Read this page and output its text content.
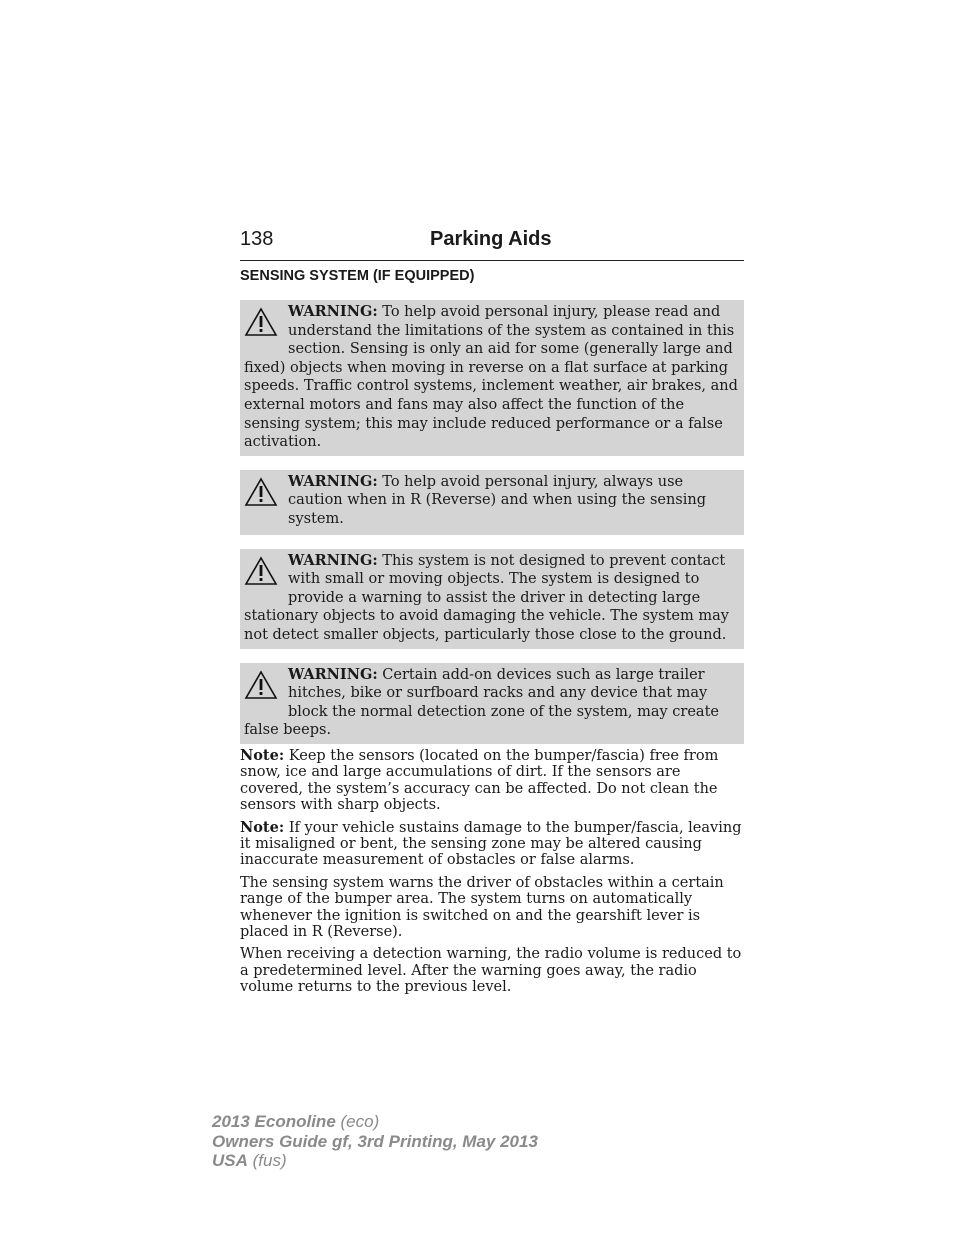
138	Parking Aids
SENSING SYSTEM (IF EQUIPPED)
WARNING: To help avoid personal injury, please read and understand the limitations of the system as contained in this section. Sensing is only an aid for some (generally large and fixed) objects when moving in reverse on a flat surface at parking speeds. Traffic control systems, inclement weather, air brakes, and external motors and fans may also affect the function of the sensing system; this may include reduced performance or a false activation.
WARNING: To help avoid personal injury, always use caution when in R (Reverse) and when using the sensing system.
WARNING: This system is not designed to prevent contact with small or moving objects. The system is designed to provide a warning to assist the driver in detecting large stationary objects to avoid damaging the vehicle. The system may not detect smaller objects, particularly those close to the ground.
WARNING: Certain add-on devices such as large trailer hitches, bike or surfboard racks and any device that may block the normal detection zone of the system, may create false beeps.

Note: Keep the sensors (located on the bumper/fascia) free from snow, ice and large accumulations of dirt. If the sensors are covered, the system’s accuracy can be affected. Do not clean the sensors with sharp objects.

Note: If your vehicle sustains damage to the bumper/fascia, leaving it misaligned or bent, the sensing zone may be altered causing inaccurate measurement of obstacles or false alarms.

The sensing system warns the driver of obstacles within a certain range of the bumper area. The system turns on automatically whenever the ignition is switched on and the gearshift lever is placed in R (Reverse).

When receiving a detection warning, the radio volume is reduced to a predetermined level. After the warning goes away, the radio volume returns to the previous level.

2013 Econoline (eco)
Owners Guide gf, 3rd Printing, May 2013
USA (fus)
